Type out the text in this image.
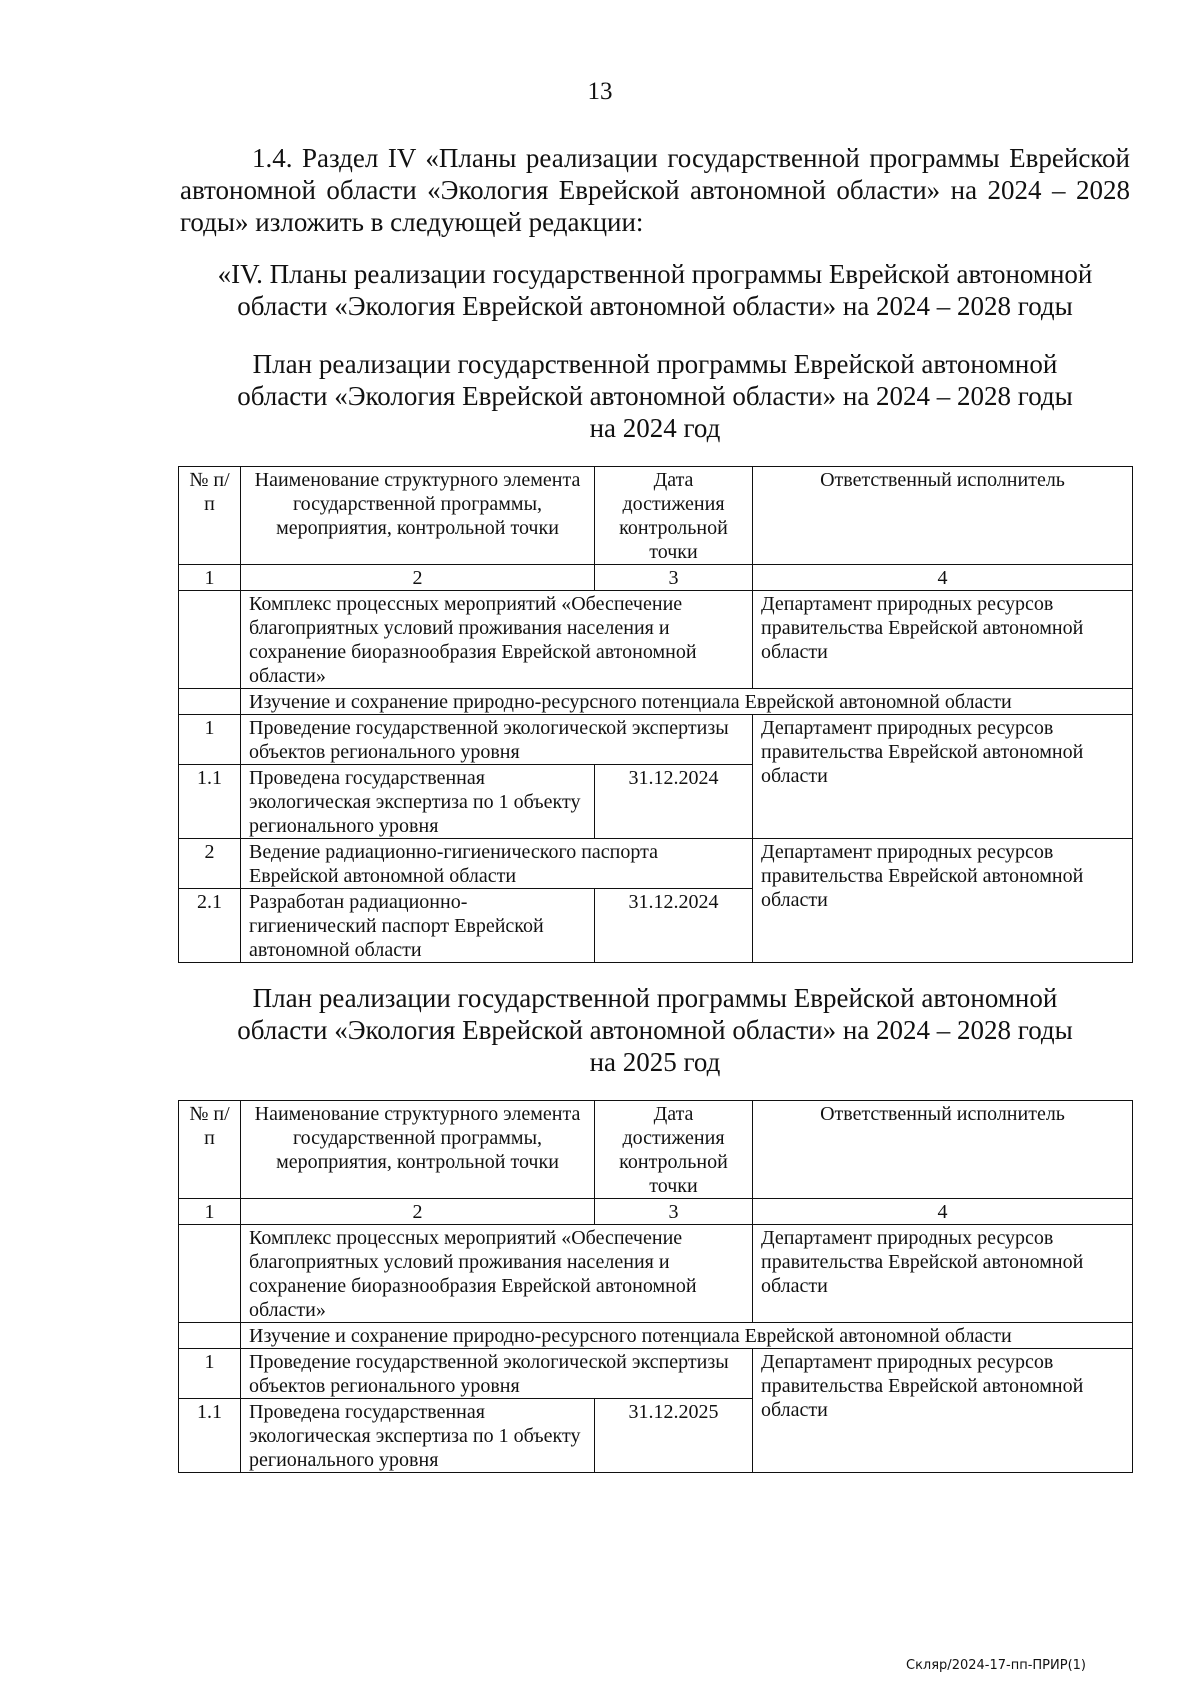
13
1.4. Раздел IV «Планы реализации государственной программы Еврейской автономной области «Экология Еврейской автономной области» на 2024 – 2028 годы» изложить в следующей редакции:
«IV. Планы реализации государственной программы Еврейской автономной
области «Экология Еврейской автономной области» на 2024 – 2028 годы
План реализации государственной программы Еврейской автономной
области «Экология Еврейской автономной области» на 2024 – 2028 годы
на 2024 год
№ п/п	Наименование структурного элемента государственной программы, мероприятия, контрольной точки	Дата достижения контрольной точки	Ответственный исполнитель
1	2	3	4
	Комплекс процессных мероприятий «Обеспечение благоприятных условий проживания населения и сохранение биоразнообразия Еврейской автономной области»		Департамент природных ресурсов правительства Еврейской автономной области
	Изучение и сохранение природно-ресурсного потенциала Еврейской автономной области		
1	Проведение государственной экологической экспертизы объектов регионального уровня		Департамент природных ресурсов правительства Еврейской автономной области
1.1	Проведена государственная экологическая экспертиза по 1 объекту регионального уровня	31.12.2024	
2	Ведение радиационно-гигиенического паспорта Еврейской автономной области		Департамент природных ресурсов правительства Еврейской автономной области
2.1	Разработан радиационно-гигиенический паспорт Еврейской автономной области	31.12.2024	
План реализации государственной программы Еврейской автономной
области «Экология Еврейской автономной области» на 2024 – 2028 годы
на 2025 год
№ п/п	Наименование структурного элемента государственной программы, мероприятия, контрольной точки	Дата достижения контрольной точки	Ответственный исполнитель
1	2	3	4
	Комплекс процессных мероприятий «Обеспечение благоприятных условий проживания населения и сохранение биоразнообразия Еврейской автономной области»		Департамент природных ресурсов правительства Еврейской автономной области
	Изучение и сохранение природно-ресурсного потенциала Еврейской автономной области		
1	Проведение государственной экологической экспертизы объектов регионального уровня		Департамент природных ресурсов правительства Еврейской автономной области
1.1	Проведена государственная экологическая экспертиза по 1 объекту регионального уровня	31.12.2025	
Скляр/2024-17-пп-ПРИР(1)
